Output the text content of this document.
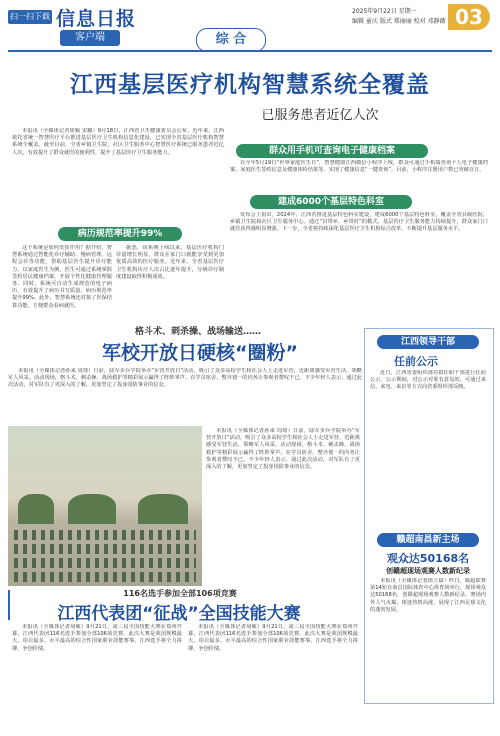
扫一扫下载 信息日报
客户端	综 合
2025年9月22日 星期一
编辑 童庆 版式 郑丽丽 校对 邓静薇 03
江西基层医疗机构智慧系统全覆盖
已服务患者近亿人次

本报讯（全媒体记者徐颖 宋璐）9月18日，江西省卫生健康委员会公布，近年来，江西依托省统一智慧医疗平台推进基层医疗卫生机构信息化建设，已实现全省基层医疗机构智慧系统全覆盖。截至目前，全省乡镇卫生院、社区卫生服务中心智慧医疗系统已服务患者近亿人次，有效提升了群众就医的便利性，提升了基层医疗卫生服务能力。

病历规范率提升99%

这个系统是如何发挥作用？据介绍，智慧系统通过智能化诊疗辅助、慢病管理、远程会诊等功能，帮助基层医生提升诊疗能力。以家庭医生为例，医生可通过系统掌握签约居民健康档案，开展个性化健康管理服务。同时，系统可自动生成规范的电子病历，有效提升了病历书写质量，病历规范率提升99%。此外，智慧系统还对接了医保结算功能，方便群众看病就医。

据悉，该系统上线以来，基层医疗机构门诊量增长明显，群众在家门口就能享受到更加优质高效的医疗服务。近年来，全省基层医疗卫生机构诊疗人次占比逐年提升，分级诊疗制度建设取得积极成效。

群众用手机可查询电子健康档案

在今年5月19日“世界家庭医生日”，智慧健康江西微信小程序上线，群众可通过手机端查询个人电子健康档案、家庭医生签约信息及健康体检结果等，实现了健康信息“一键查询”。目前，小程序注册用户数已突破百万。

建成6000个基层特色科室

发布会上指出，2024年，江西省推进基层特色科室建设，建成6000个基层特色科室，覆盖全省县级医院、乡镇卫生院和社区卫生服务中心。通过“县带乡、乡带村”的模式，基层医疗卫生服务能力持续提升，群众家门口就医获得感明显增强。下一步，全省将持续深化基层医疗卫生机构综合改革，不断提升基层服务水平。

格斗术、刺杀操、战场输送……
军校开放日硬核“圈粉”

本报讯（全媒体记者孙来 周琦）日前，陆军步兵学院举办“军营开放日”活动，吸引了众多高校学生和社会人士走进军营，近距离感受军营生活，领略军人风采。活动现场，格斗术、刺杀操、战场救护等精彩展示赢得了阵阵掌声。在学员宿舍，整齐划一的内务让参观者赞叹不已。不少年轻人表示，通过此次活动，对军队有了更深入的了解，更加坚定了投身国防事业的信念。

本报讯（全媒体记者孙来 周琦）日前，陆军步兵学院举办“军营开放日”活动，吸引了众多高校学生和社会人士走进军营，近距离感受军营生活，领略军人风采。活动现场，格斗术、刺杀操、战场救护等精彩展示赢得了阵阵掌声。在学员宿舍，整齐划一的内务让参观者赞叹不已。不少年轻人表示，通过此次活动，对军队有了更深入的了解，更加坚定了投身国防事业的信念。

江西领导干部
任前公示

近日，江西省委组织部对拟任职干部进行任前公示。公示期间，对公示对象有意见的，可通过来信、来电、来访等方式向省委组织部反映。

赣超南昌新主场
观众达50168名
创赣超现场观赛人数新纪录

本报讯（全媒体记者徐立斌）昨日，赣超联赛第14轮在南昌国际体育中心体育场举行，现场观众达50168名，创赣超现场观赛人数新纪录。赛场内外人气火爆，球迷热情高涨，展现了江西足球文化的蓬勃发展。

116名选手参加全部106项竞赛
江西代表团“征战”全国技能大赛

本报讯（全媒体记者胡敏）9月21日，第三届全国技能大赛在郑州开幕，江西代表团116名选手参加全部106项竞赛。此次大赛是我国规模最大、项目最多、水平最高的综合性国家职业技能赛事，江西选手将全力拼搏，争创佳绩。

本报讯（全媒体记者胡敏）9月21日，第三届全国技能大赛在郑州开幕，江西代表团116名选手参加全部106项竞赛。此次大赛是我国规模最大、项目最多、水平最高的综合性国家职业技能赛事，江西选手将全力拼搏，争创佳绩。
